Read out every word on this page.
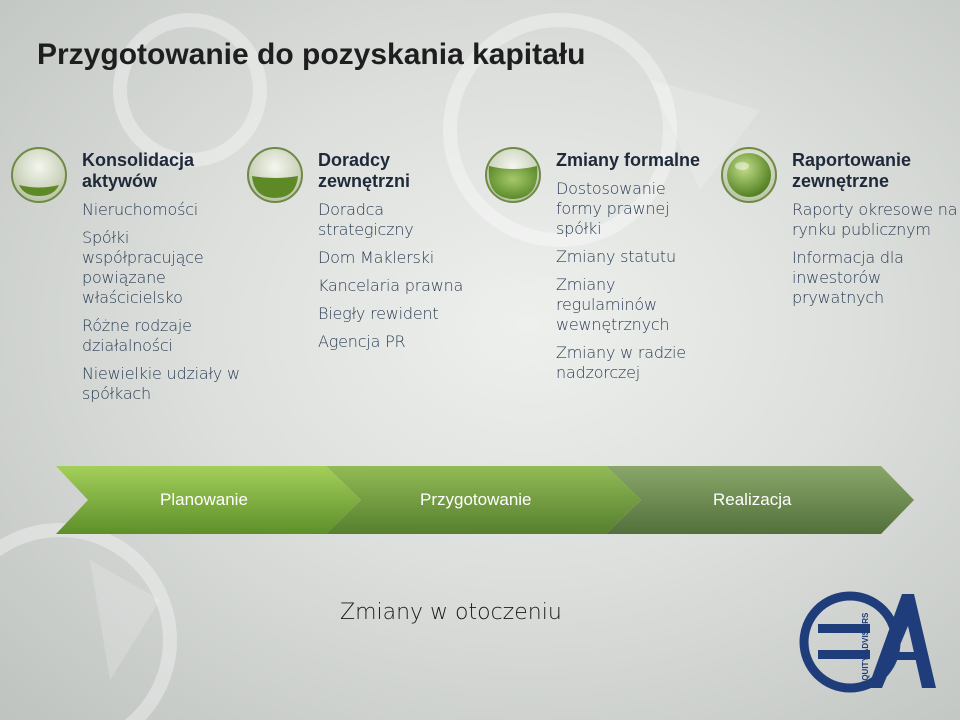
Przygotowanie do pozyskania kapitału
Konsolidacja aktywów
Nieruchomości
Spółki współpracujące powiązane właścicielsko
Różne rodzaje działalności
Niewielkie udziały w spółkach
Doradcy zewnętrzni
Doradca strategiczny
Dom Maklerski
Kancelaria prawna
Biegły rewident
Agencja PR
Zmiany formalne
Dostosowanie formy prawnej spółki
Zmiany statutu
Zmiany regulaminów wewnętrznych
Zmiany w radzie nadzorczej
Raportowanie zewnętrzne
Raporty okresowe na rynku publicznym
Informacja dla inwestorów prywatnych
Planowanie	Przygotowanie	Realizacja
Zmiany w otoczeniu
EQUITY ADVISORS
